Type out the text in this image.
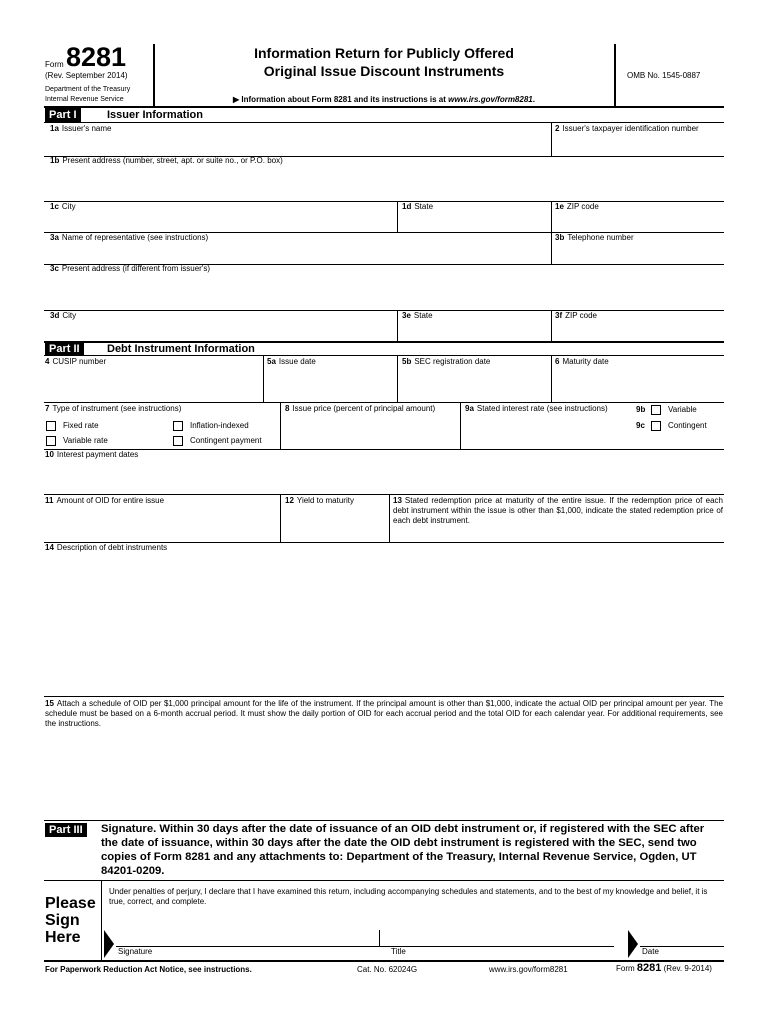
Form 8281
(Rev. September 2014)
Department of the Treasury
Internal Revenue Service
Information Return for Publicly Offered
Original Issue Discount Instruments
▶ Information about Form 8281 and its instructions is at www.irs.gov/form8281.
OMB No. 1545-0887
Part I	Issuer Information
1a Issuer's name	2 Issuer's taxpayer identification number
1b Present address (number, street, apt. or suite no., or P.O. box)
1c City	1d State	1e ZIP code
3a Name of representative (see instructions)	3b Telephone number
3c Present address (if different from issuer's)
3d City	3e State	3f ZIP code
Part II	Debt Instrument Information
4 CUSIP number	5a Issue date	5b SEC registration date	6 Maturity date
7 Type of instrument (see instructions)
Fixed rate	Inflation-indexed
Variable rate	Contingent payment
8 Issue price (percent of principal amount)	9a Stated interest rate (see instructions)	9b	Variable
9c	Contingent
10 Interest payment dates
11 Amount of OID for entire issue	12 Yield to maturity	13 Stated redemption price at maturity of the entire issue. If the redemption price of each debt instrument within the issue is other than $1,000, indicate the stated redemption price of each debt instrument.
14 Description of debt instruments
15 Attach a schedule of OID per $1,000 principal amount for the life of the instrument. If the principal amount is other than $1,000, indicate the actual OID per principal amount per year. The schedule must be based on a 6-month accrual period. It must show the daily portion of OID for each accrual period and the total OID for each calendar year. For additional requirements, see the instructions.
Part III	Signature. Within 30 days after the date of issuance of an OID debt instrument or, if registered with the SEC after the date of issuance, within 30 days after the date the OID debt instrument is registered with the SEC, send two copies of Form 8281 and any attachments to: Department of the Treasury, Internal Revenue Service, Ogden, UT 84201-0209.
Please
Sign
Here
Under penalties of perjury, I declare that I have examined this return, including accompanying schedules and statements, and to the best of my knowledge and belief, it is true, correct, and complete.
Signature	Title	Date
For Paperwork Reduction Act Notice, see instructions.	Cat. No. 62024G	www.irs.gov/form8281	Form 8281 (Rev. 9-2014)
